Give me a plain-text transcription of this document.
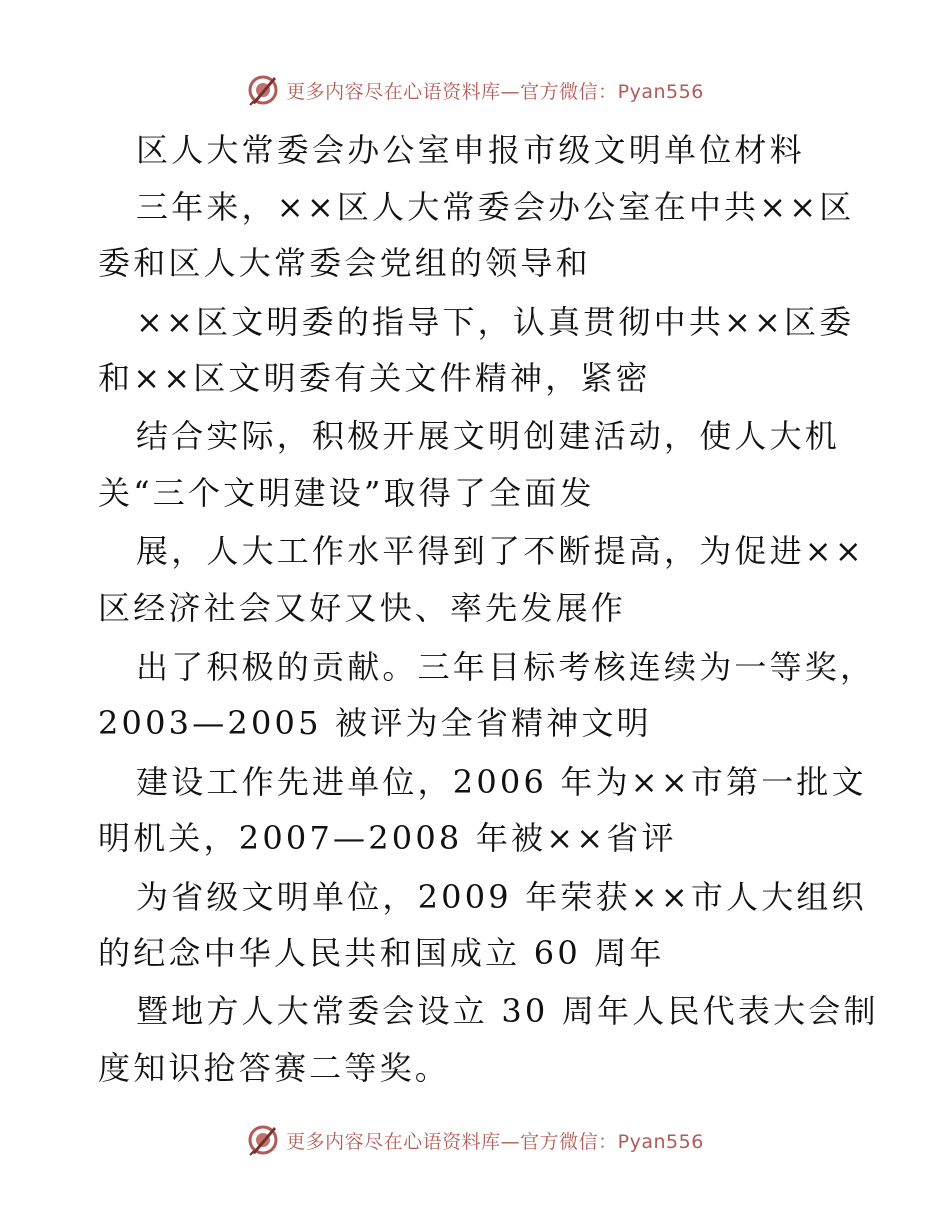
更多内容尽在心语资料库—官方微信：Pyan556
区人大常委会办公室申报市级文明单位材料
三年来，××区人大常委会办公室在中共××区
委和区人大常委会党组的领导和
××区文明委的指导下，认真贯彻中共××区委
和××区文明委有关文件精神，紧密
结合实际，积极开展文明创建活动，使人大机
关“三个文明建设”取得了全面发
展，人大工作水平得到了不断提高，为促进××
区经济社会又好又快、率先发展作
出了积极的贡献。三年目标考核连续为一等奖，
2003—2005 被评为全省精神文明
建设工作先进单位，2006 年为××市第一批文
明机关，2007—2008 年被××省评
为省级文明单位，2009 年荣获××市人大组织
的纪念中华人民共和国成立 60 周年
暨地方人大常委会设立 30 周年人民代表大会制
度知识抢答赛二等奖。
更多内容尽在心语资料库—官方微信：Pyan556
